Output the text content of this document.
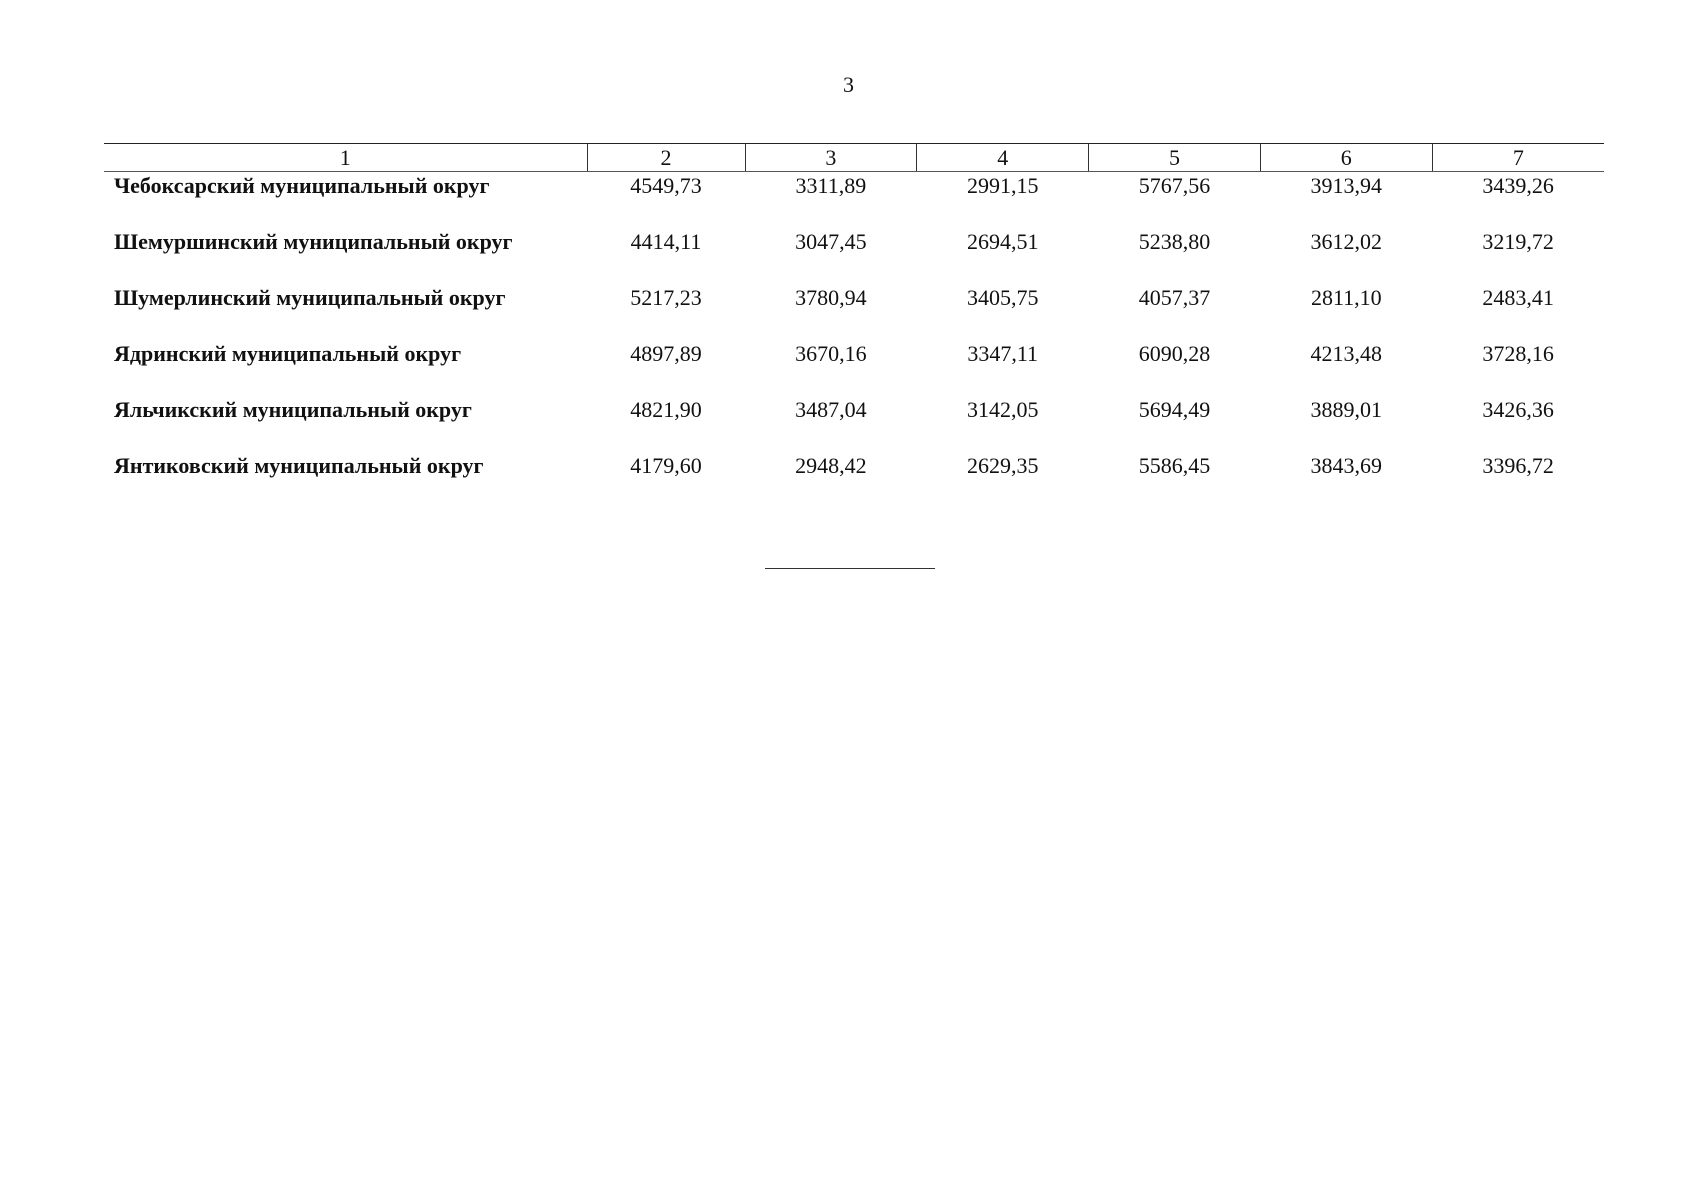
3
1	2	3	4	5	6	7
Чебоксарский муниципальный округ	4549,73	3311,89	2991,15	5767,56	3913,94	3439,26
Шемуршинский муниципальный округ	4414,11	3047,45	2694,51	5238,80	3612,02	3219,72
Шумерлинский муниципальный округ	5217,23	3780,94	3405,75	4057,37	2811,10	2483,41
Ядринский муниципальный округ	4897,89	3670,16	3347,11	6090,28	4213,48	3728,16
Яльчикский муниципальный округ	4821,90	3487,04	3142,05	5694,49	3889,01	3426,36
Янтиковский муниципальный округ	4179,60	2948,42	2629,35	5586,45	3843,69	3396,72
